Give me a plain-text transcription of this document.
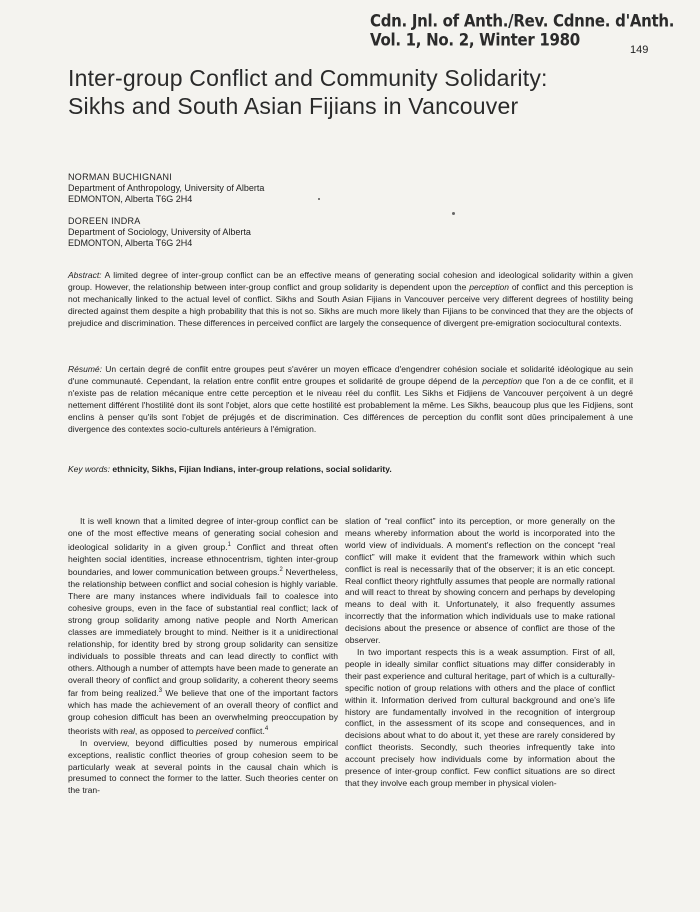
Cdn. Jnl. of Anth./Rev. Cdnne. d'Anth.
Vol. 1, No. 2, Winter 1980	149
Inter-group Conflict and Community Solidarity:
Sikhs and South Asian Fijians in Vancouver
NORMAN BUCHIGNANI
Department of Anthropology, University of Alberta
EDMONTON, Alberta T6G 2H4
DOREEN INDRA
Department of Sociology, University of Alberta
EDMONTON, Alberta T6G 2H4
Abstract: A limited degree of inter-group conflict can be an effective means of generating social cohesion and ideological solidarity within a given group. However, the relationship between inter-group conflict and group solidarity is dependent upon the perception of conflict and this perception is not mechanically linked to the actual level of conflict. Sikhs and South Asian Fijians in Vancouver perceive very different degrees of hostility being directed against them despite a high probability that this is not so. Sikhs are much more likely than Fijians to be convinced that they are the objects of prejudice and discrimination. These differences in perceived conflict are largely the consequence of divergent pre-emigration sociocultural contexts.
Résumé: Un certain degré de conflit entre groupes peut s'avérer un moyen efficace d'engendrer cohésion sociale et solidarité idéologique au sein d'une communauté. Cependant, la relation entre conflit entre groupes et solidarité de groupe dépend de la perception que l'on a de ce conflit, et il n'existe pas de relation mécanique entre cette perception et le niveau réel du conflit. Les Sikhs et Fidjiens de Vancouver perçoivent à un degré nettement différent l'hostilité dont ils sont l'objet, alors que cette hostilité est probablement la même. Les Sikhs, beaucoup plus que les Fidjiens, sont enclins à penser qu'ils sont l'objet de préjugés et de discrimination. Ces différences de perception du conflit sont dûes principalement à une divergence des contextes socio-culturels antérieurs à l'émigration.
Key words: ethnicity, Sikhs, Fijian Indians, inter-group relations, social solidarity.

It is well known that a limited degree of inter-group conflict can be one of the most effective means of generating social cohesion and ideological solidarity in a given group.$^1$ Conflict and threat often heighten social identities, increase ethnocentrism, tighten inter-group boundaries, and lower communication between groups.$^2$ Nevertheless, the relationship between conflict and social cohesion is highly variable. There are many instances where individuals fail to coalesce into cohesive groups, even in the face of substantial real conflict; lack of strong group solidarity among native people and North American classes are immediately brought to mind. Neither is it a unidirectional relationship, for identity bred by strong group solidarity can sensitize individuals to possible threats and can lead directly to conflict with others. Although a number of attempts have been made to generate an overall theory of conflict and group solidarity, a coherent theory seems far from being realized.$^3$ We believe that one of the important factors which has made the achievement of an overall theory of conflict and group cohesion difficult has been an overwhelming preoccupation by theorists with real, as opposed to perceived conflict.$^4$

In overview, beyond difficulties posed by numerous empirical exceptions, realistic conflict theories of group cohesion seem to be particularly weak at several points in the causal chain which is presumed to connect the former to the latter. Such theories center on the tran-

slation of “real conflict” into its perception, or more generally on the means whereby information about the world is incorporated into the world view of individuals. A moment's reflection on the concept “real conflict” will make it evident that the framework within which such conflict is real is necessarily that of the observer; it is an etic concept. Real conflict theory rightfully assumes that people are normally rational and will react to threat by showing concern and perhaps by developing means to deal with it. Unfortunately, it also frequently assumes incorrectly that the information which individuals use to make rational decisions about the presence or absence of conflict are those of the observer.

In two important respects this is a weak assumption. First of all, people in ideally similar conflict situations may differ considerably in their past experience and cultural heritage, part of which is a culturally-specific notion of group relations with others and the place of conflict within it. Information derived from cultural background and one's life history are fundamentally involved in the recognition of intergroup conflict, in the assessment of its scope and consequences, and in decisions about what to do about it, yet these are rarely considered by conflict theorists. Secondly, such theories infrequently take into account precisely how individuals come by information about the presence of inter-group conflict. Few conflict situations are so direct that they involve each group member in physical violen-
